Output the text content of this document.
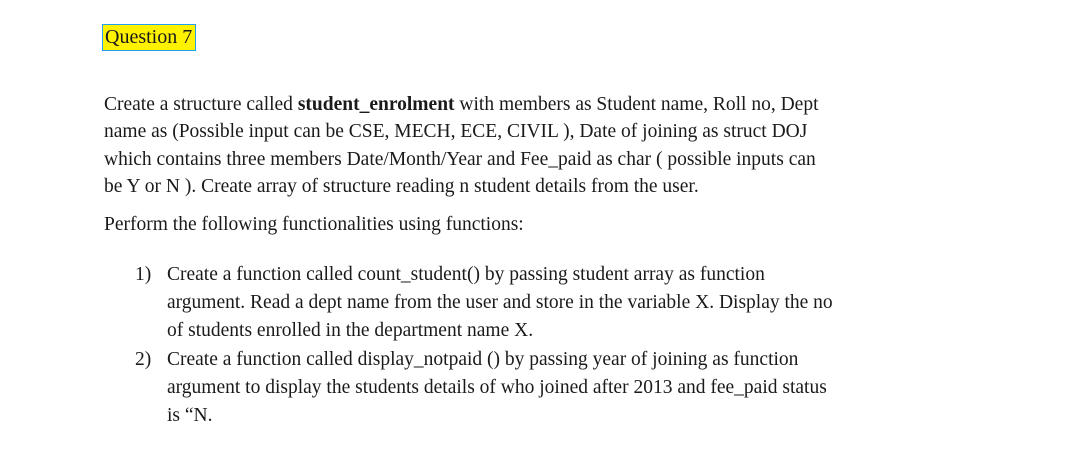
Question 7
Create a structure called student_enrolment with members as Student name, Roll no, Dept
name as (Possible input can be CSE, MECH, ECE, CIVIL ), Date of joining as struct DOJ
which contains three members Date/Month/Year and Fee_paid as char ( possible inputs can
be Y or N ). Create array of structure reading n student details from the user.
Perform the following functionalities using functions:
1) Create a function called count_student() by passing student array as function
argument. Read a dept name from the user and store in the variable X. Display the no
of students enrolled in the department name X.
2) Create a function called display_notpaid () by passing year of joining as function
argument to display the students details of who joined after 2013 and fee_paid status
is “N.
